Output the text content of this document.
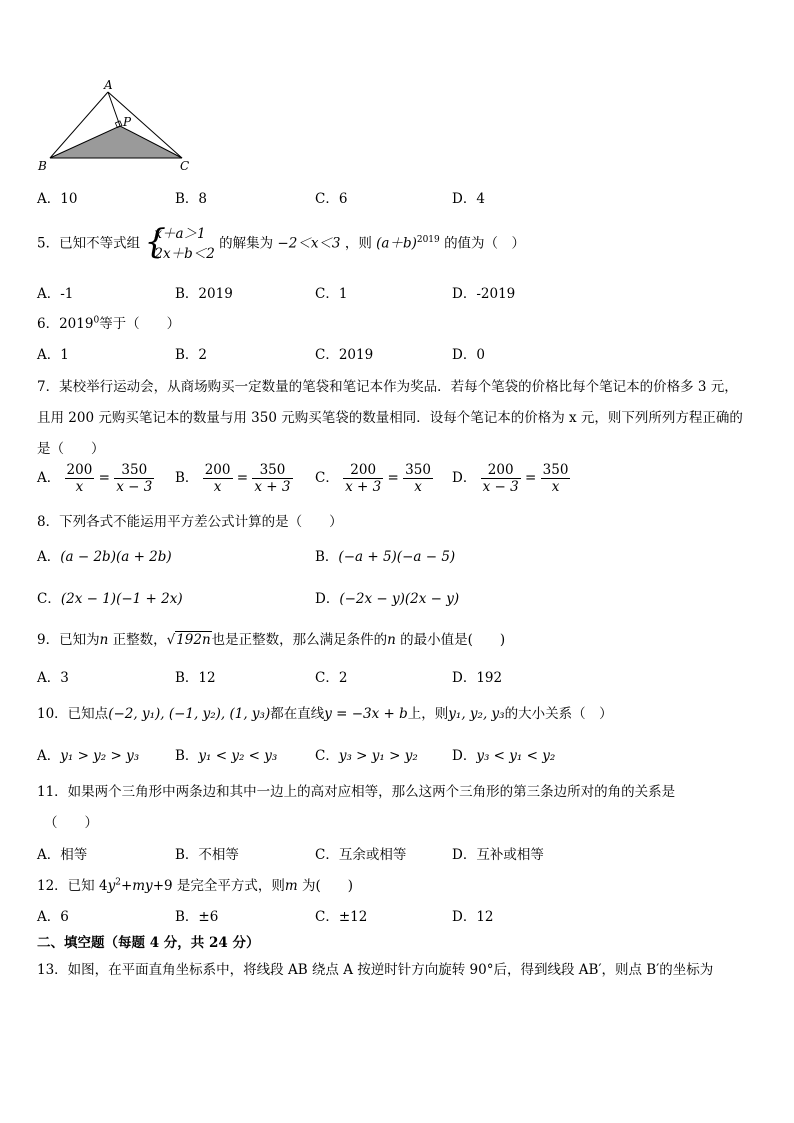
A
P
B	C
A．10	B．8	C．6	D．4
5．已知不等式组 {
x＋a＞1
2x＋b＜2
的解集为 −2＜x＜3 ，则 $(a+b)^{2019}$ 的值为（　）
A．-1	B．2019	C．1	D．-2019
6．2019$^0$等于（　　）
A．1	B．2	C．2019	D．0
7．某校举行运动会，从商场购买一定数量的笔袋和笔记本作为奖品．若每个笔袋的价格比每个笔记本的价格多 3 元，
且用 200 元购买笔记本的数量与用 350 元购买笔袋的数量相同．设每个笔记本的价格为 x 元，则下列所列方程正确的
是（　　）
A． $\frac{200}{x} = \frac{350}{x - 3}$ B． $\frac{200}{x} = \frac{350}{x + 3}$ C． $\frac{200}{x + 3} = \frac{350}{x}$ D． $\frac{200}{x - 3} = \frac{350}{x}$
8．下列各式不能运用平方差公式计算的是（　　）
A．(a − 2b)(a + 2b)	B．(−a + 5)(−a − 5)
C．(2x − 1)(−1 + 2x)	D．(−2x − y)(2x − y)
9．已知为n 正整数，√192n也是正整数，那么满足条件的n 的最小值是(　　)
A．3	B．12	C．2	D．192
10．已知点(−2, y₁), (−1, y₂), (1, y₃)都在直线y = −3x + b上，则y₁, y₂, y₃的大小关系（　）
A．y₁ > y₂ > y₃	B．y₁ < y₂ < y₃	C．y₃ > y₁ > y₂	D．y₃ < y₁ < y₂
11．如果两个三角形中两条边和其中一边上的高对应相等，那么这两个三角形的第三条边所对的角的关系是
（　　）
A．相等	B．不相等	C．互余或相等	D．互补或相等
12．已知 $4y^2+my+9$ 是完全平方式，则m 为(　　)
A．6	B．±6	C．±12	D．12
二、填空题（每题 4 分，共 24 分）
13．如图，在平面直角坐标系中，将线段 AB 绕点 A 按逆时针方向旋转 90°后，得到线段 AB′，则点 B′的坐标为
